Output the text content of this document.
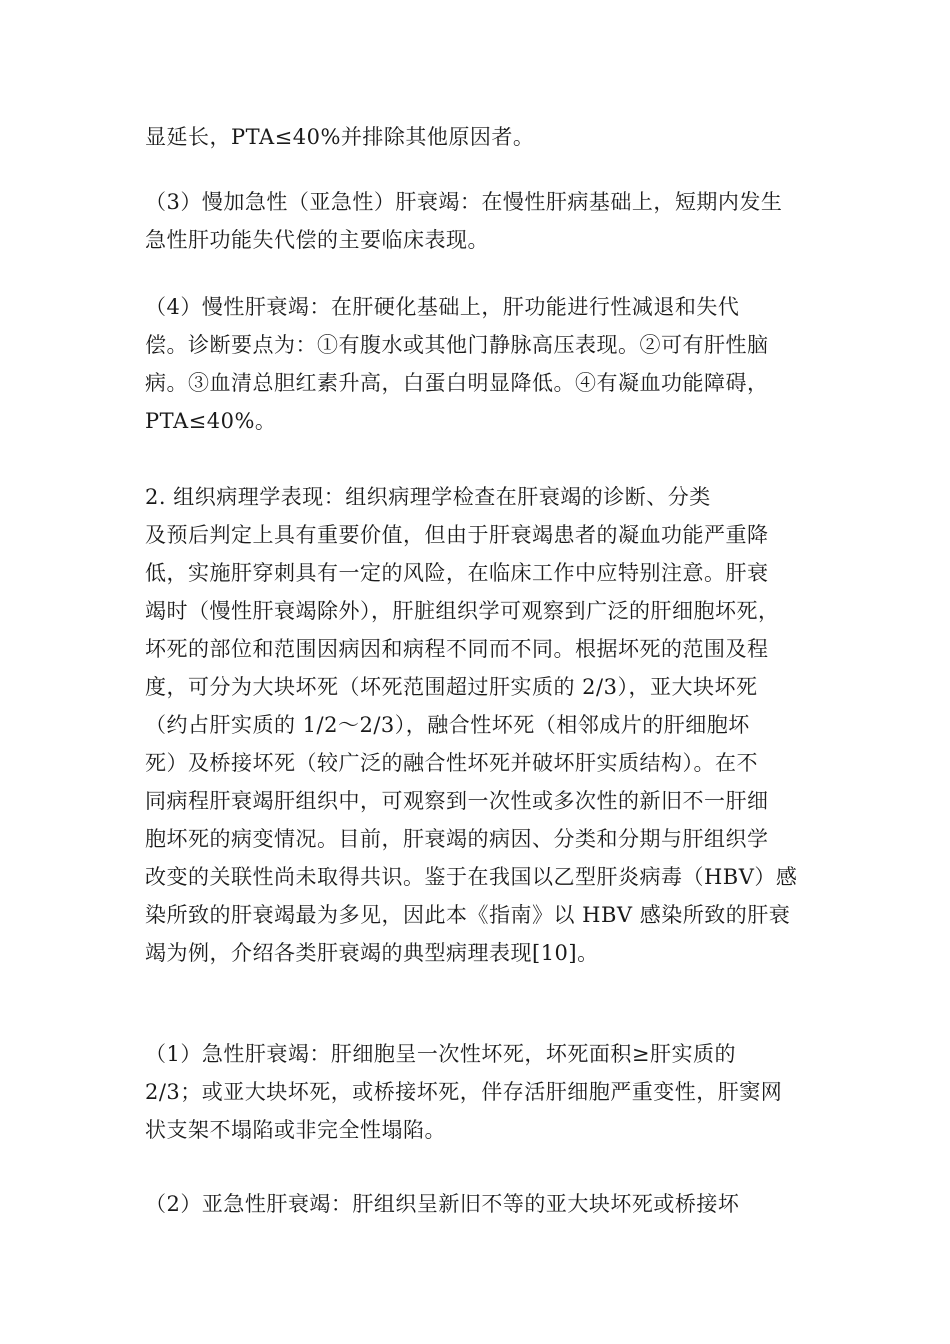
显延长，PTA≤40%并排除其他原因者。

（3）慢加急性（亚急性）肝衰竭：在慢性肝病基础上，短期内发生
急性肝功能失代偿的主要临床表现。

（4）慢性肝衰竭：在肝硬化基础上，肝功能进行性减退和失代
偿。诊断要点为：①有腹水或其他门静脉高压表现。②可有肝性脑
病。③血清总胆红素升高，白蛋白明显降低。④有凝血功能障碍，
PTA≤40%。

2. 组织病理学表现：组织病理学检查在肝衰竭的诊断、分类
及预后判定上具有重要价值，但由于肝衰竭患者的凝血功能严重降
低，实施肝穿刺具有一定的风险，在临床工作中应特别注意。肝衰
竭时（慢性肝衰竭除外），肝脏组织学可观察到广泛的肝细胞坏死，
坏死的部位和范围因病因和病程不同而不同。根据坏死的范围及程
度，可分为大块坏死（坏死范围超过肝实质的 2/3），亚大块坏死
（约占肝实质的 1/2～2/3），融合性坏死（相邻成片的肝细胞坏
死）及桥接坏死（较广泛的融合性坏死并破坏肝实质结构）。在不
同病程肝衰竭肝组织中，可观察到一次性或多次性的新旧不一肝细
胞坏死的病变情况。目前，肝衰竭的病因、分类和分期与肝组织学
改变的关联性尚未取得共识。鉴于在我国以乙型肝炎病毒（HBV）感
染所致的肝衰竭最为多见，因此本《指南》以 HBV 感染所致的肝衰
竭为例，介绍各类肝衰竭的典型病理表现[10]。

（1）急性肝衰竭：肝细胞呈一次性坏死，坏死面积≥肝实质的
2/3；或亚大块坏死，或桥接坏死，伴存活肝细胞严重变性，肝窦网
状支架不塌陷或非完全性塌陷。

（2）亚急性肝衰竭：肝组织呈新旧不等的亚大块坏死或桥接坏
